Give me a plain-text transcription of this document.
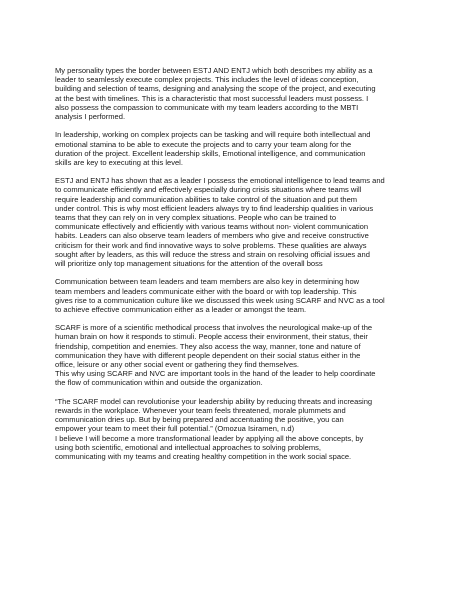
My personality types the border between ESTJ AND ENTJ which both describes my ability as a
leader to seamlessly execute complex projects. This includes the level of ideas conception,
building and selection of teams, designing and analysing the scope of the project, and executing
at the best with timelines. This is a characteristic that most successful leaders must possess. I
also possess the compassion to communicate with my team leaders according to the MBTI
analysis I performed.
In leadership, working on complex projects can be tasking and will require both intellectual and
emotional stamina to be able to execute the projects and to carry your team along for the
duration of the project. Excellent leadership skills, Emotional intelligence, and communication
skills are key to executing at this level.
ESTJ and ENTJ has shown that as a leader I possess the emotional intelligence to lead teams and
to communicate efficiently and effectively especially during crisis situations where teams will
require leadership and communication abilities to take control of the situation and put them
under control. This is why most efficient leaders always try to find leadership qualities in various
teams that they can rely on in very complex situations. People who can be trained to
communicate effectively and efficiently with various teams without non- violent communication
habits. Leaders can also observe team leaders of members who give and receive constructive
criticism for their work and find innovative ways to solve problems. These qualities are always
sought after by leaders, as this will reduce the stress and strain on resolving official issues and
will prioritize only top management situations for the attention of the overall boss
Communication between team leaders and team members are also key in determining how
team members and leaders communicate either with the board or with top leadership. This
gives rise to a communication culture like we discussed this week using SCARF and NVC as a tool
to achieve effective communication either as a leader or amongst the team.
SCARF is more of a scientific methodical process that involves the neurological make-up of the
human brain on how it responds to stimuli. People access their environment, their status, their
friendship, competition and enemies. They also access the way, manner, tone and nature of
communication they have with different people dependent on their social status either in the
office, leisure or any other social event or gathering they find themselves.
This why using SCARF and NVC are important tools in the hand of the leader to help coordinate
the flow of communication within and outside the organization.
“The SCARF model can revolutionise your leadership ability by reducing threats and increasing
rewards in the workplace. Whenever your team feels threatened, morale plummets and
communication dries up. But by being prepared and accentuating the positive, you can
empower your team to meet their full potential.” (Omozua Isiramen, n.d)
I believe I will become a more transformational leader by applying all the above concepts, by
using both scientific, emotional and intellectual approaches to solving problems,
communicating with my teams and creating healthy competition in the work social space.
